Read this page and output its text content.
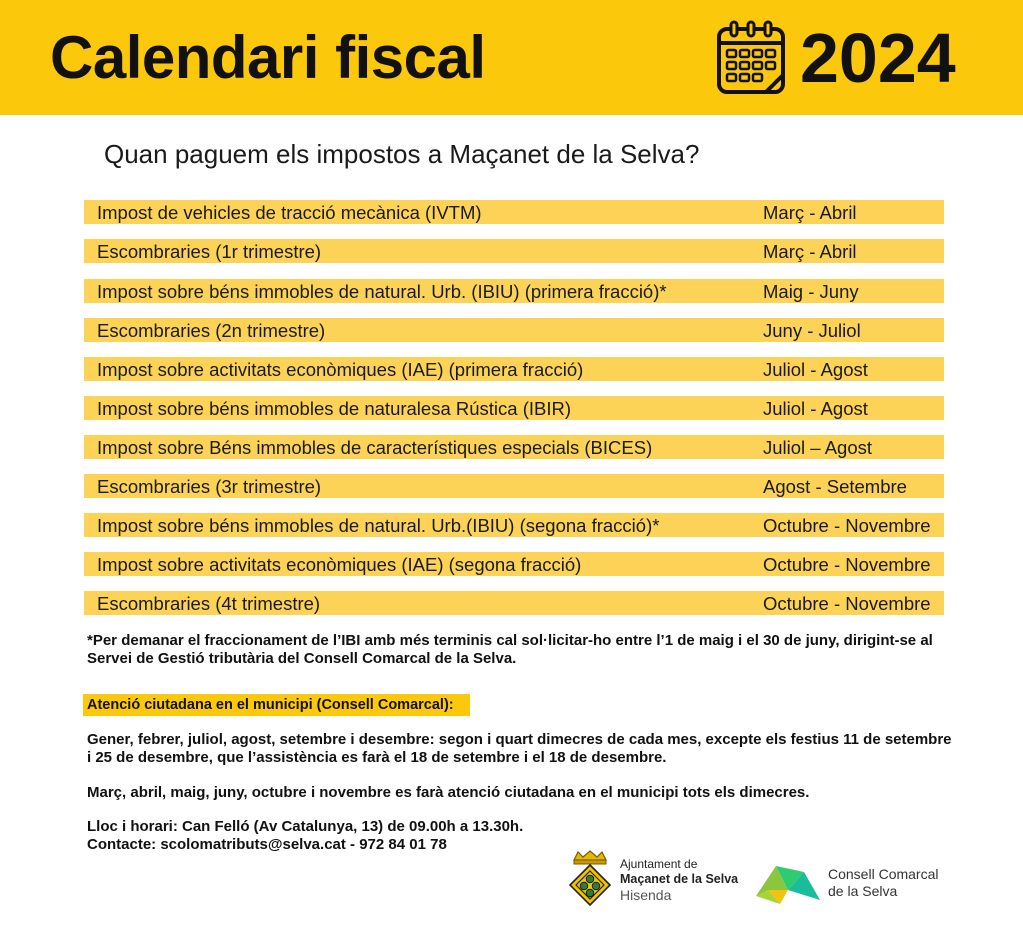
Calendari fiscal	2024
Quan paguem els impostos a Maçanet de la Selva?
Impost de vehicles de tracció mecànica (IVTM)	Març - Abril
Escombraries (1r trimestre)	Març - Abril
Impost sobre béns immobles de natural. Urb. (IBIU) (primera fracció)*	Maig - Juny
Escombraries (2n trimestre)	Juny - Juliol
Impost sobre activitats econòmiques (IAE) (primera fracció)	Juliol - Agost
Impost sobre béns immobles de naturalesa Rústica (IBIR)	Juliol - Agost
Impost sobre Béns immobles de característiques especials (BICES)	Juliol – Agost
Escombraries (3r trimestre)	Agost - Setembre
Impost sobre béns immobles de natural. Urb.(IBIU) (segona fracció)*	Octubre - Novembre
Impost sobre activitats econòmiques (IAE) (segona fracció)	Octubre - Novembre
Escombraries (4t trimestre)	Octubre - Novembre
*Per demanar el fraccionament de l’IBI amb més terminis cal sol·licitar-ho entre l’1 de maig i el 30 de juny, dirigint-se al Servei de Gestió tributària del Consell Comarcal de la Selva.
Atenció ciutadana en el municipi (Consell Comarcal):
Gener, febrer, juliol, agost, setembre i desembre: segon i quart dimecres de cada mes, excepte els festius 11 de setembre i 25 de desembre, que l’assistència es farà el 18 de setembre i el 18 de desembre.
Març, abril, maig, juny, octubre i novembre es farà atenció ciutadana en el municipi tots els dimecres.
Lloc i horari: Can Felló (Av Catalunya, 13) de 09.00h a 13.30h.
Contacte: scolomatributs@selva.cat - 972 84 01 78
Ajuntament de
Maçanet de la Selva
Hisenda
Consell Comarcal
de la Selva
